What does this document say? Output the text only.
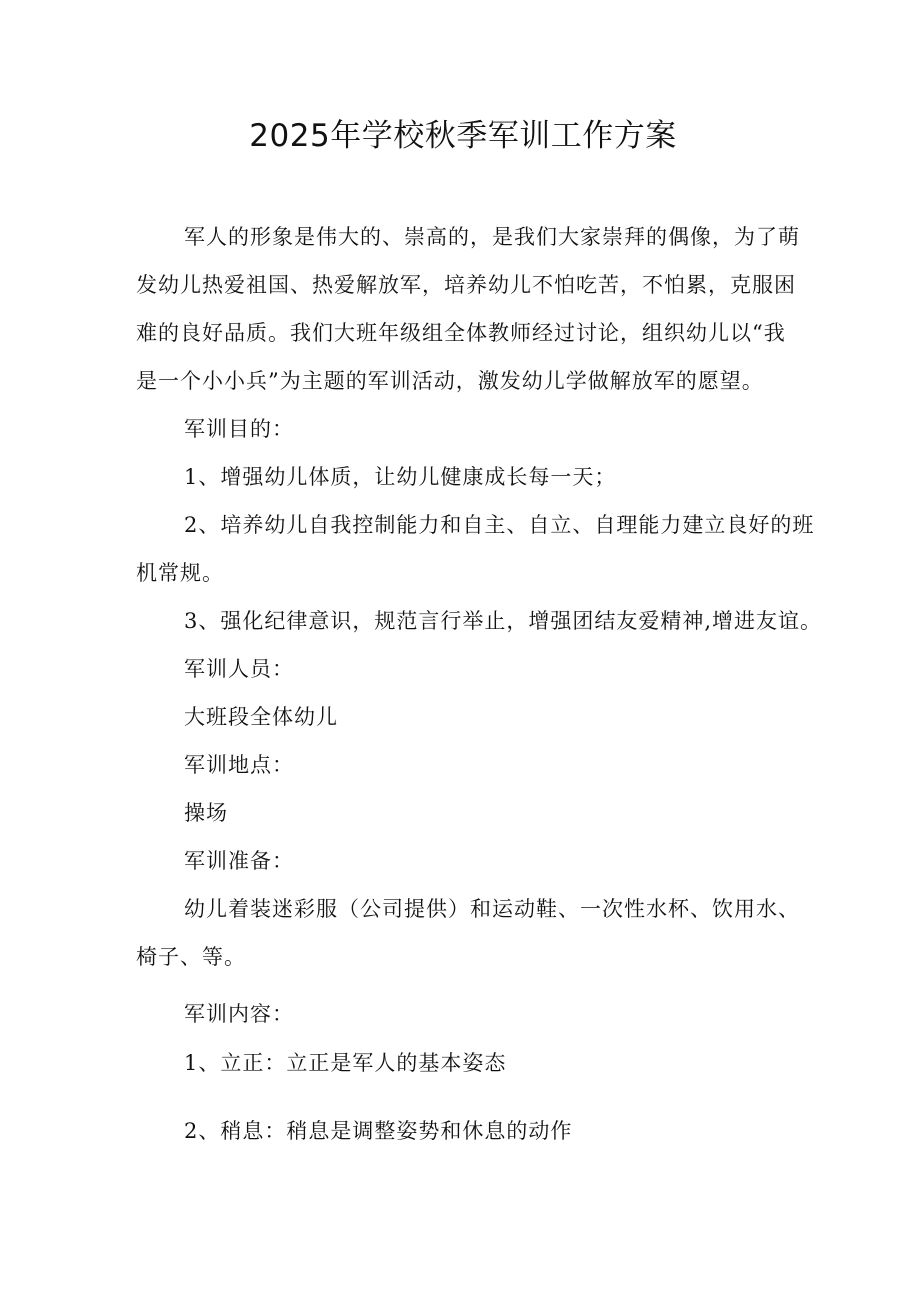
2025年学校秋季军训工作方案

军人的形象是伟大的、崇高的，是我们大家崇拜的偶像，为了萌

发幼儿热爱祖国、热爱解放军，培养幼儿不怕吃苦，不怕累，克服困

难的良好品质。我们大班年级组全体教师经过讨论，组织幼儿以“我

是一个小小兵”为主题的军训活动，激发幼儿学做解放军的愿望。

军训目的：

1、增强幼儿体质，让幼儿健康成长每一天；

2、培养幼儿自我控制能力和自主、自立、自理能力建立良好的班

机常规。

3、强化纪律意识，规范言行举止，增强团结友爱精神,增进友谊。

军训人员：

大班段全体幼儿

军训地点：

操场

军训准备：

幼儿着装迷彩服（公司提供）和运动鞋、一次性水杯、饮用水、

椅子、等。

军训内容：

1、立正：立正是军人的基本姿态

2、稍息：稍息是调整姿势和休息的动作
